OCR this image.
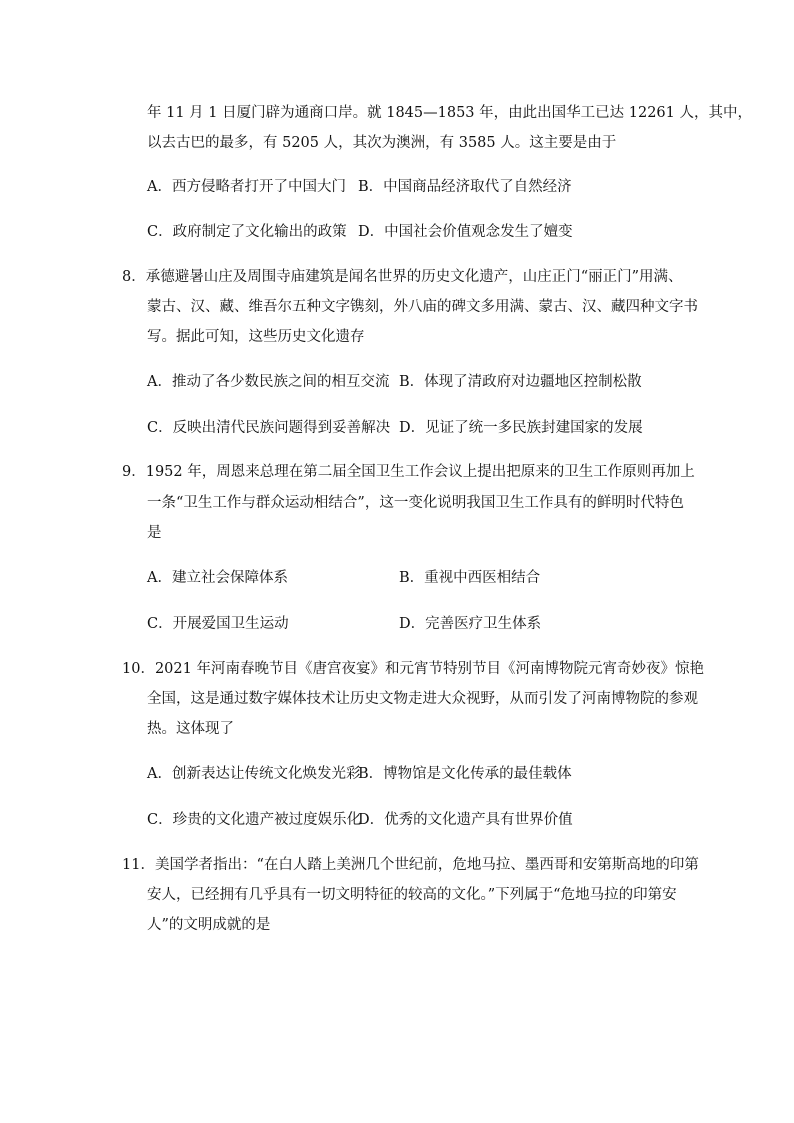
年 11 月 1 日厦门辟为通商口岸。就 1845—1853 年，由此出国华工已达 12261 人，其中，
以去古巴的最多，有 5205 人，其次为澳洲，有 3585 人。这主要是由于
A．西方侵略者打开了中国大门 B．中国商品经济取代了自然经济
C．政府制定了文化输出的政策 D．中国社会价值观念发生了嬗变
8．承德避暑山庄及周围寺庙建筑是闻名世界的历史文化遗产，山庄正门“丽正门”用满、
蒙古、汉、藏、维吾尔五种文字镌刻，外八庙的碑文多用满、蒙古、汉、藏四种文字书
写。据此可知，这些历史文化遗存
A．推动了各少数民族之间的相互交流 B．体现了清政府对边疆地区控制松散
C．反映出清代民族问题得到妥善解决 D．见证了统一多民族封建国家的发展
9．1952 年，周恩来总理在第二届全国卫生工作会议上提出把原来的卫生工作原则再加上
一条“卫生工作与群众运动相结合”，这一变化说明我国卫生工作具有的鲜明时代特色
是
A．建立社会保障体系	B．重视中西医相结合
C．开展爱国卫生运动	D．完善医疗卫生体系
10．2021 年河南春晚节目《唐宫夜宴》和元宵节特别节目《河南博物院元宵奇妙夜》惊艳
全国，这是通过数字媒体技术让历史文物走进大众视野，从而引发了河南博物院的参观
热。这体现了
A．创新表达让传统文化焕发光彩
B．博物馆是文化传承的最佳载体
C．珍贵的文化遗产被过度娱乐化
D．优秀的文化遗产具有世界价值
11．美国学者指出：“在白人踏上美洲几个世纪前，危地马拉、墨西哥和安第斯高地的印第
安人，已经拥有几乎具有一切文明特征的较高的文化。”下列属于“危地马拉的印第安
人”的文明成就的是
